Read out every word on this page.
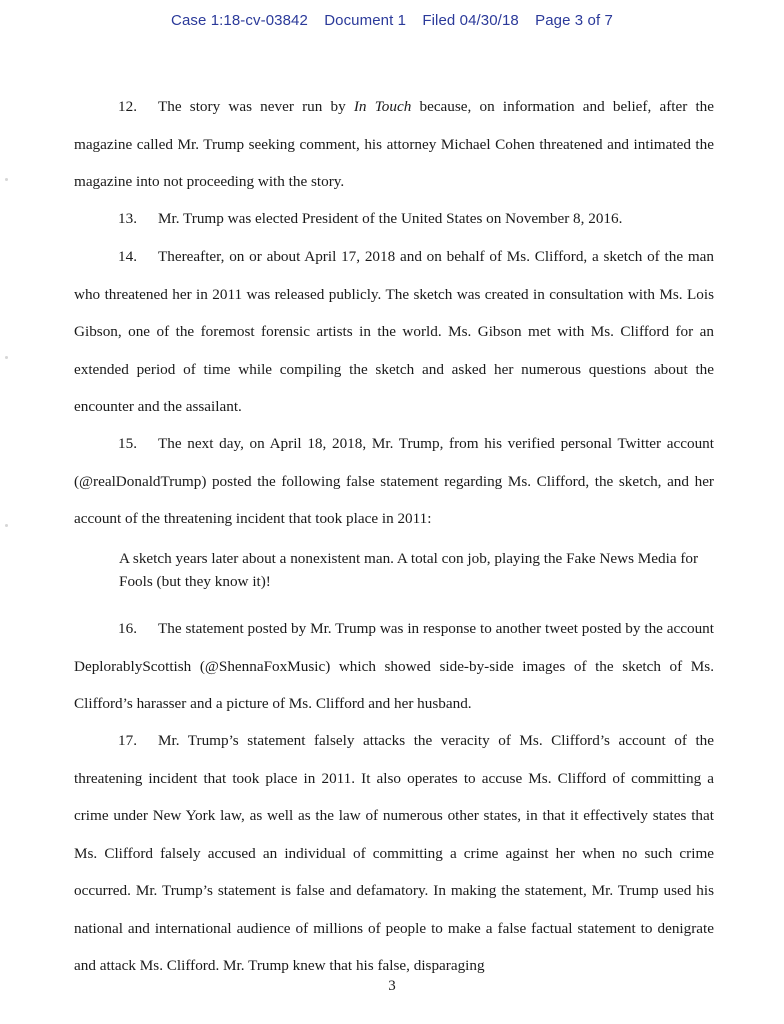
Case 1:18-cv-03842 Document 1 Filed 04/30/18 Page 3 of 7

12. The story was never run by In Touch because, on information and belief, after the magazine called Mr. Trump seeking comment, his attorney Michael Cohen threatened and intimated the magazine into not proceeding with the story.

13. Mr. Trump was elected President of the United States on November 8, 2016.

14. Thereafter, on or about April 17, 2018 and on behalf of Ms. Clifford, a sketch of the man who threatened her in 2011 was released publicly. The sketch was created in consultation with Ms. Lois Gibson, one of the foremost forensic artists in the world. Ms. Gibson met with Ms. Clifford for an extended period of time while compiling the sketch and asked her numerous questions about the encounter and the assailant.

15. The next day, on April 18, 2018, Mr. Trump, from his verified personal Twitter account (@realDonaldTrump) posted the following false statement regarding Ms. Clifford, the sketch, and her account of the threatening incident that took place in 2011:

A sketch years later about a nonexistent man. A total con job, playing the Fake News Media for Fools (but they know it)!

16. The statement posted by Mr. Trump was in response to another tweet posted by the account DeplorablyScottish (@ShennaFoxMusic) which showed side-by-side images of the sketch of Ms. Clifford’s harasser and a picture of Ms. Clifford and her husband.

17. Mr. Trump’s statement falsely attacks the veracity of Ms. Clifford’s account of the threatening incident that took place in 2011. It also operates to accuse Ms. Clifford of committing a crime under New York law, as well as the law of numerous other states, in that it effectively states that Ms. Clifford falsely accused an individual of committing a crime against her when no such crime occurred. Mr. Trump’s statement is false and defamatory. In making the statement, Mr. Trump used his national and international audience of millions of people to make a false factual statement to denigrate and attack Ms. Clifford. Mr. Trump knew that his false, disparaging

3
